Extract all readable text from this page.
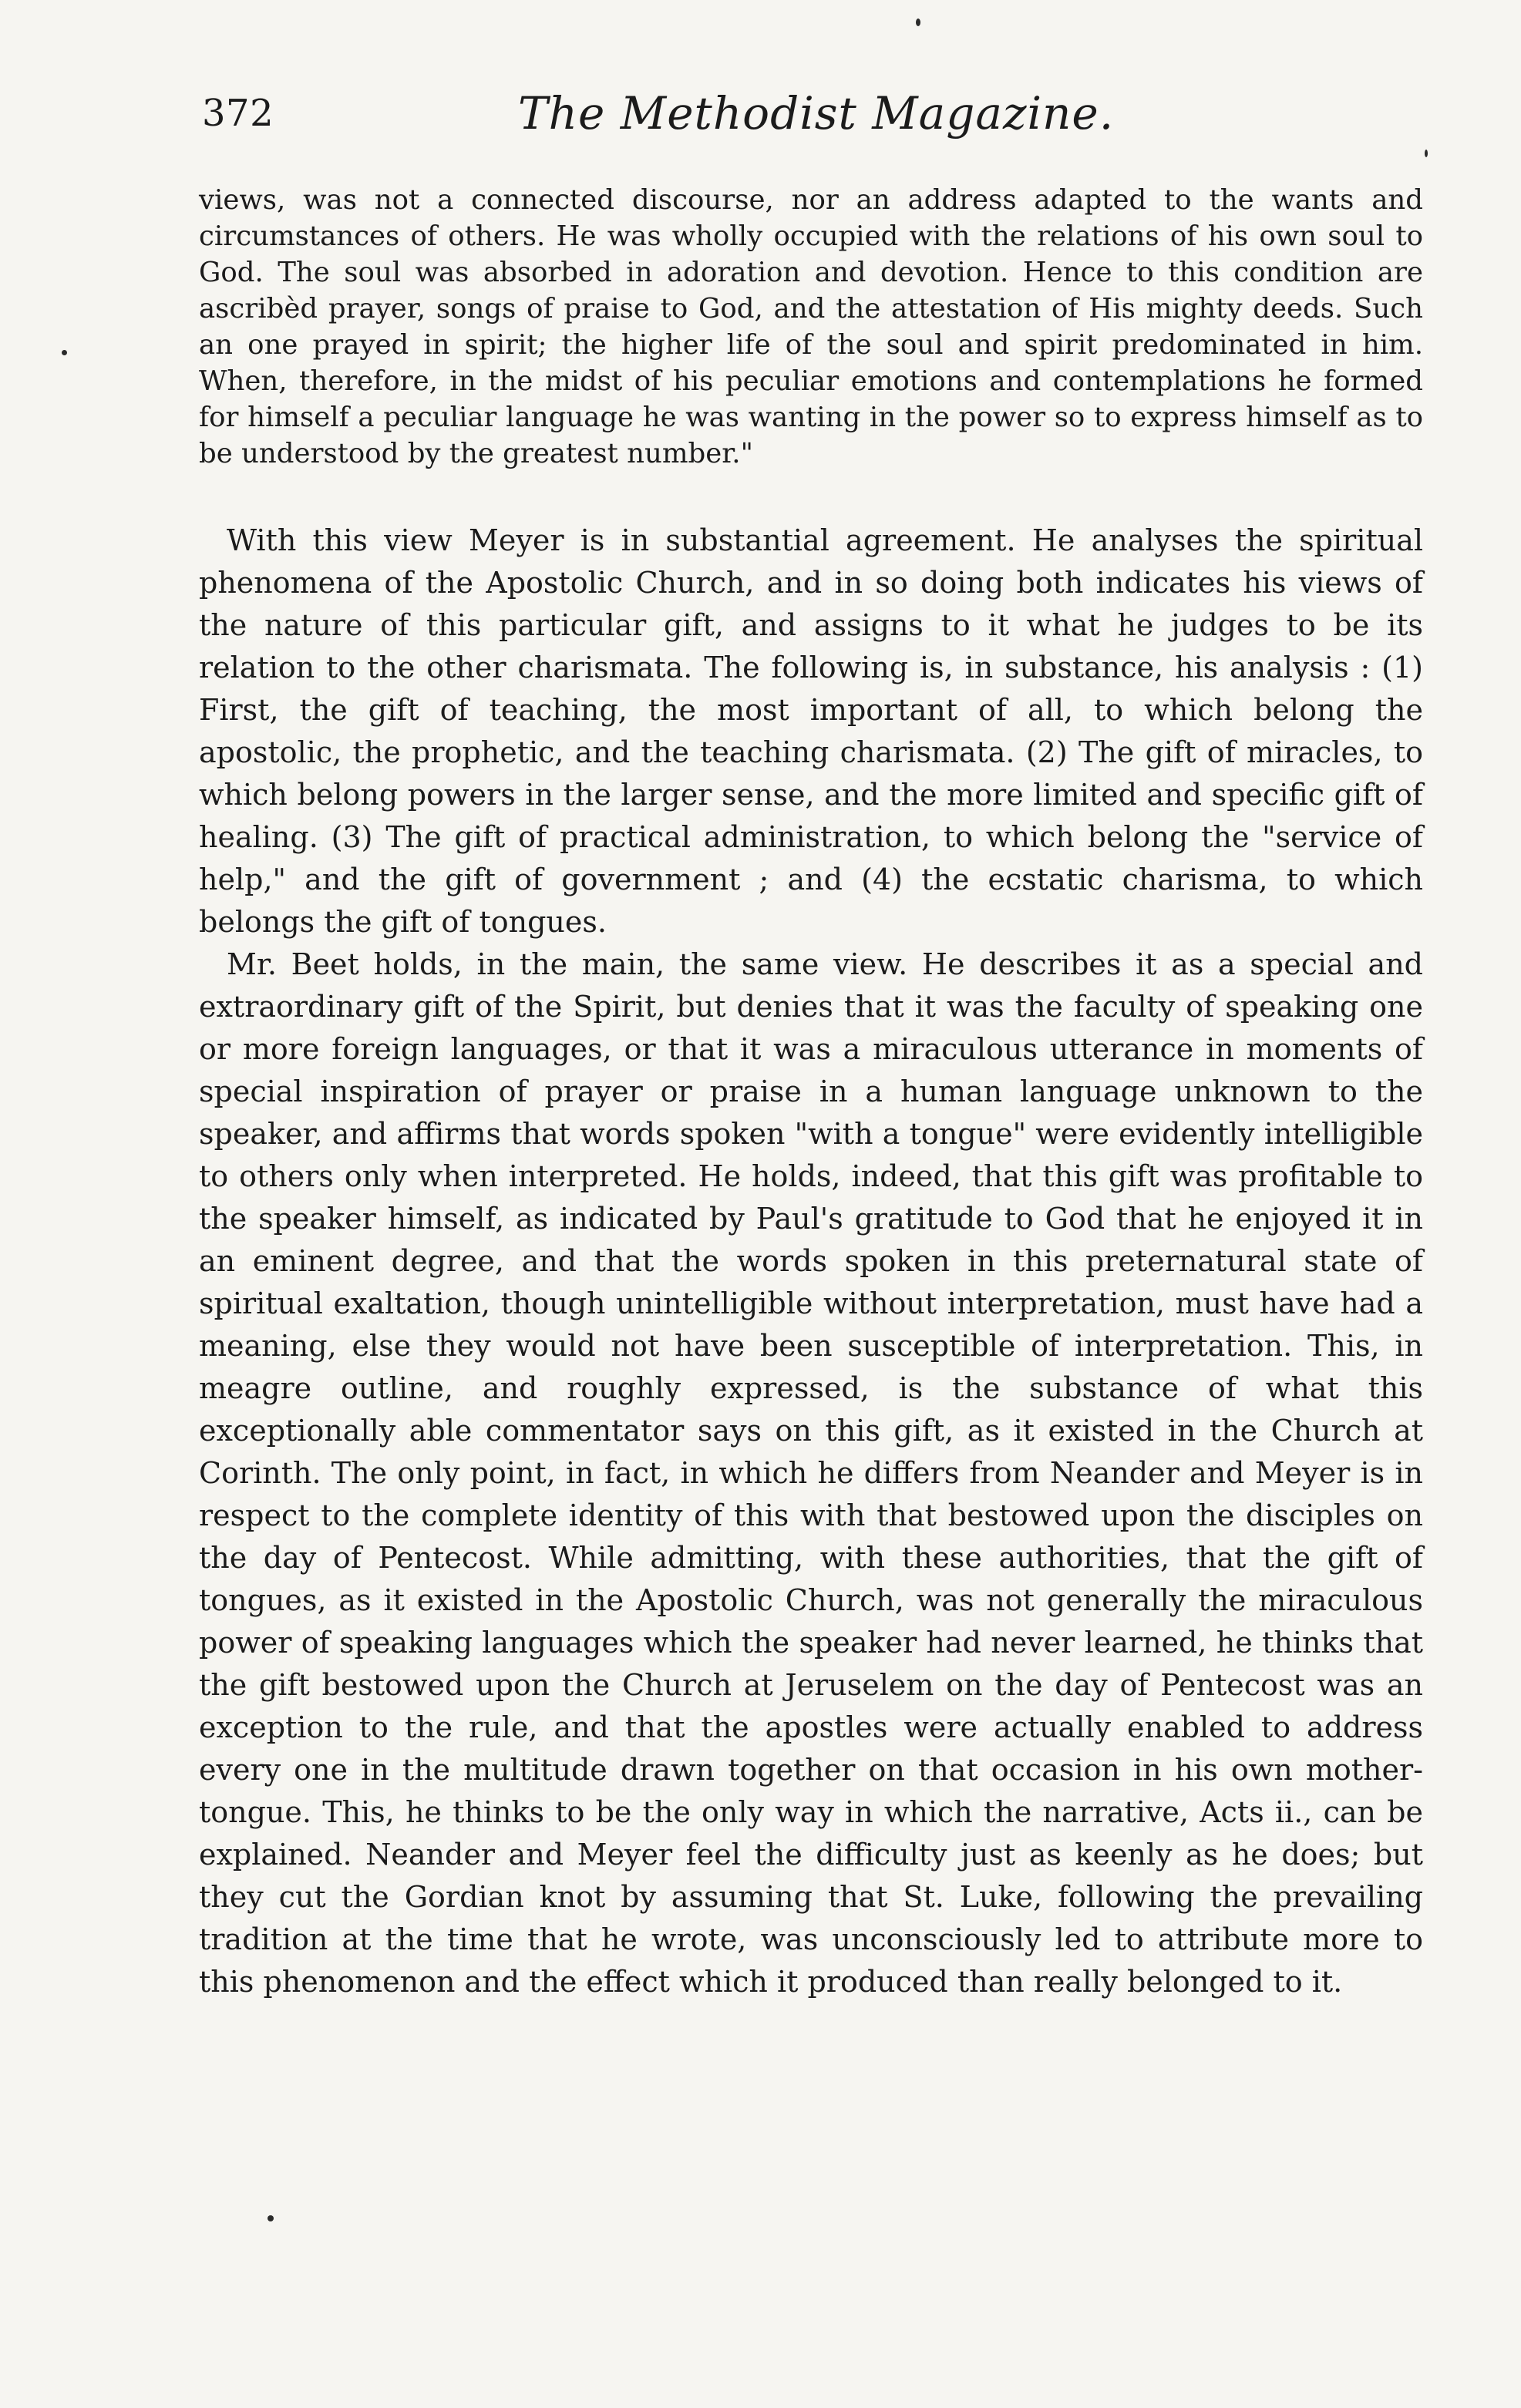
372	The Methodist Magazine.
views, was not a connected discourse, nor an address adapted to the wants and circumstances of others. He was wholly occupied with the relations of his own soul to God. The soul was absorbed in adoration and devotion. Hence to this condition are ascribèd prayer, songs of praise to God, and the attestation of His mighty deeds. Such an one prayed in spirit; the higher life of the soul and spirit predominated in him. When, therefore, in the midst of his peculiar emotions and contemplations he formed for himself a peculiar language he was wanting in the power so to express himself as to be understood by the greatest number."

With this view Meyer is in substantial agreement. He analyses the spiritual phenomena of the Apostolic Church, and in so doing both indicates his views of the nature of this particular gift, and assigns to it what he judges to be its relation to the other charismata. The following is, in substance, his analysis : (1) First, the gift of teaching, the most important of all, to which belong the apostolic, the prophetic, and the teaching charismata. (2) The gift of miracles, to which belong powers in the larger sense, and the more limited and specific gift of healing. (3) The gift of practical administration, to which belong the "service of help," and the gift of government ; and (4) the ecstatic charisma, to which belongs the gift of tongues.

Mr. Beet holds, in the main, the same view. He describes it as a special and extraordinary gift of the Spirit, but denies that it was the faculty of speaking one or more foreign languages, or that it was a miraculous utterance in moments of special inspiration of prayer or praise in a human language unknown to the speaker, and affirms that words spoken "with a tongue" were evidently intelligible to others only when interpreted. He holds, indeed, that this gift was profitable to the speaker himself, as indicated by Paul's gratitude to God that he enjoyed it in an eminent degree, and that the words spoken in this preternatural state of spiritual exaltation, though unintelligible without interpretation, must have had a meaning, else they would not have been susceptible of interpretation. This, in meagre outline, and roughly expressed, is the substance of what this exceptionally able commentator says on this gift, as it existed in the Church at Corinth. The only point, in fact, in which he differs from Neander and Meyer is in respect to the complete identity of this with that bestowed upon the disciples on the day of Pentecost. While admitting, with these authorities, that the gift of tongues, as it existed in the Apostolic Church, was not generally the miraculous power of speaking languages which the speaker had never learned, he thinks that the gift bestowed upon the Church at Jeruselem on the day of Pentecost was an exception to the rule, and that the apostles were actually enabled to address every one in the multitude drawn together on that occasion in his own mother-tongue. This, he thinks to be the only way in which the narrative, Acts ii., can be explained. Neander and Meyer feel the difficulty just as keenly as he does; but they cut the Gordian knot by assuming that St. Luke, following the prevailing tradition at the time that he wrote, was unconsciously led to attribute more to this phenomenon and the effect which it produced than really belonged to it.
